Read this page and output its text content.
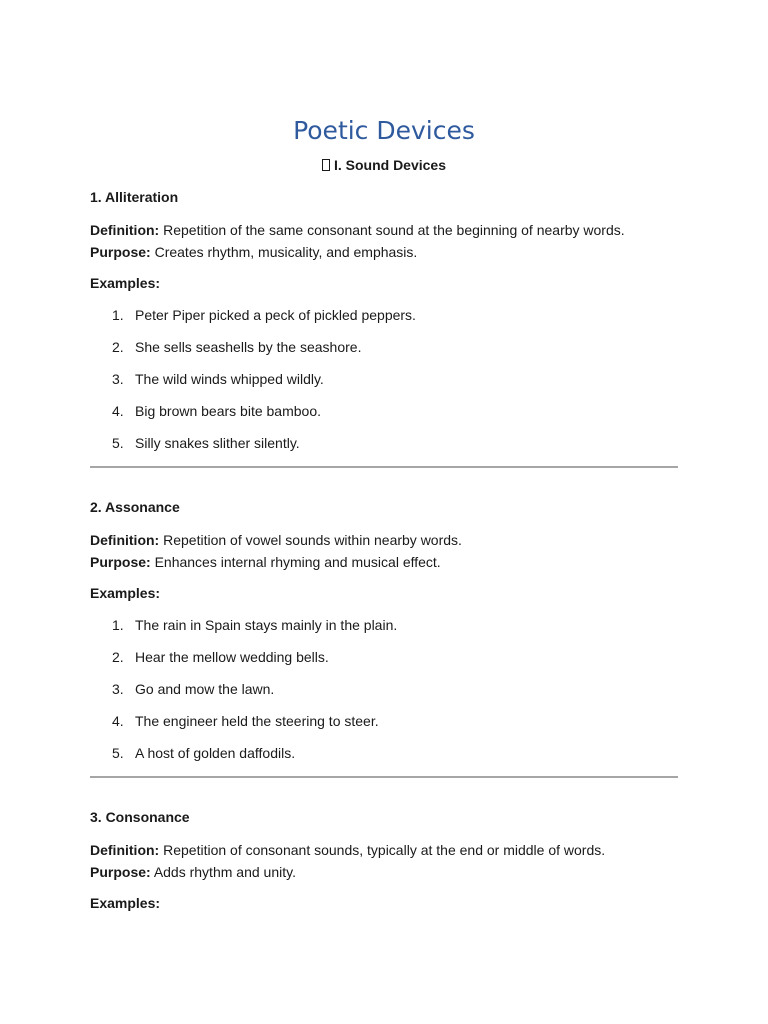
Poetic Devices
I. Sound Devices
1. Alliteration
Definition: Repetition of the same consonant sound at the beginning of nearby words.
Purpose: Creates rhythm, musicality, and emphasis.
Examples:
1. Peter Piper picked a peck of pickled peppers.
2. She sells seashells by the seashore.
3. The wild winds whipped wildly.
4. Big brown bears bite bamboo.
5. Silly snakes slither silently.
2. Assonance
Definition: Repetition of vowel sounds within nearby words.
Purpose: Enhances internal rhyming and musical effect.
Examples:
1. The rain in Spain stays mainly in the plain.
2. Hear the mellow wedding bells.
3. Go and mow the lawn.
4. The engineer held the steering to steer.
5. A host of golden daffodils.
3. Consonance
Definition: Repetition of consonant sounds, typically at the end or middle of words.
Purpose: Adds rhythm and unity.
Examples:
